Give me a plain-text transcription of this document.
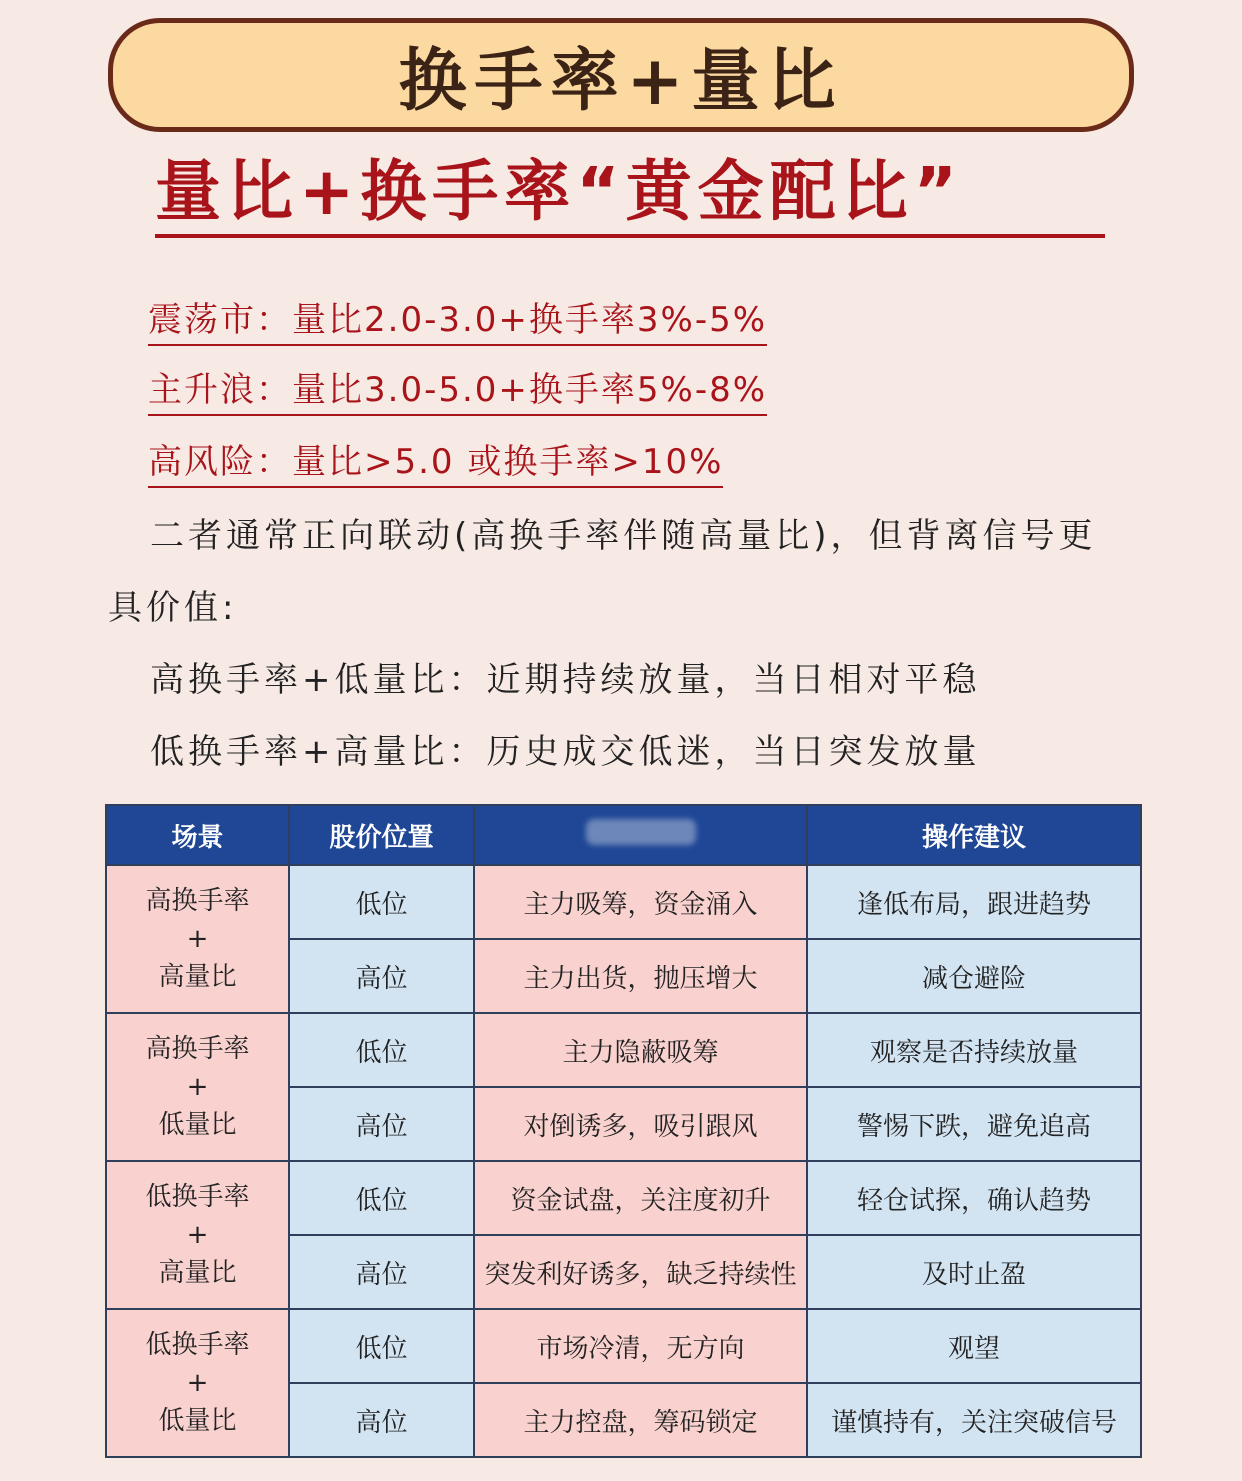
换手率+量比
量比+换手率“黄金配比”
震荡市：量比2.0-3.0+换手率3%-5%
主升浪：量比3.0-5.0+换手率5%-8%
高风险：量比>5.0 或换手率>10%
二者通常正向联动(高换手率伴随高量比)，但背离信号更
具价值:
高换手率+低量比：近期持续放量，当日相对平稳
低换手率+高量比：历史成交低迷，当日突发放量
场景	股价位置		操作建议

高换手率
+
高量比	低位	主力吸筹，资金涌入	逢低布局，跟进趋势
	高位	主力出货，抛压增大	减仓避险

高换手率
+
低量比	低位	主力隐蔽吸筹	观察是否持续放量
	高位	对倒诱多，吸引跟风	警惕下跌，避免追高

低换手率
+
高量比	低位	资金试盘，关注度初升	轻仓试探，确认趋势
	高位	突发利好诱多，缺乏持续性	及时止盈

低换手率
+
低量比	低位	市场冷清，无方向	观望
	高位	主力控盘，筹码锁定	谨慎持有，关注突破信号
